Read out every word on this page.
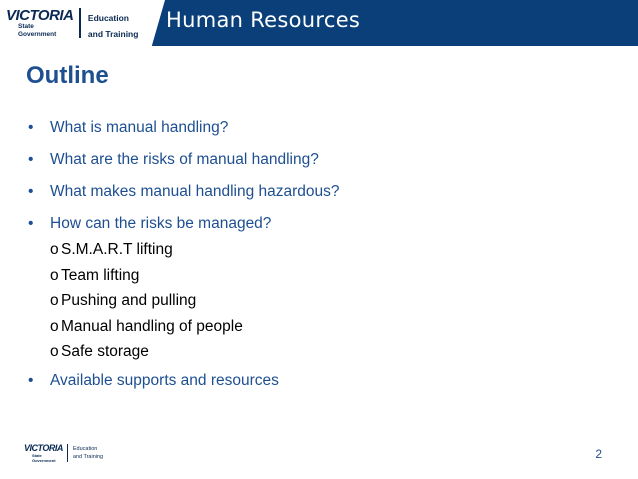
VICTORIA
State
Government
Education
and Training
Human Resources
Outline
• What is manual handling?
• What are the risks of manual handling?
• What makes manual handling hazardous?
• How can the risks be managed?
o S.M.A.R.T lifting
o Team lifting
o Pushing and pulling
o Manual handling of people
o Safe storage
• Available supports and resources
VICTORIA
State
Government
Education
and Training	2
